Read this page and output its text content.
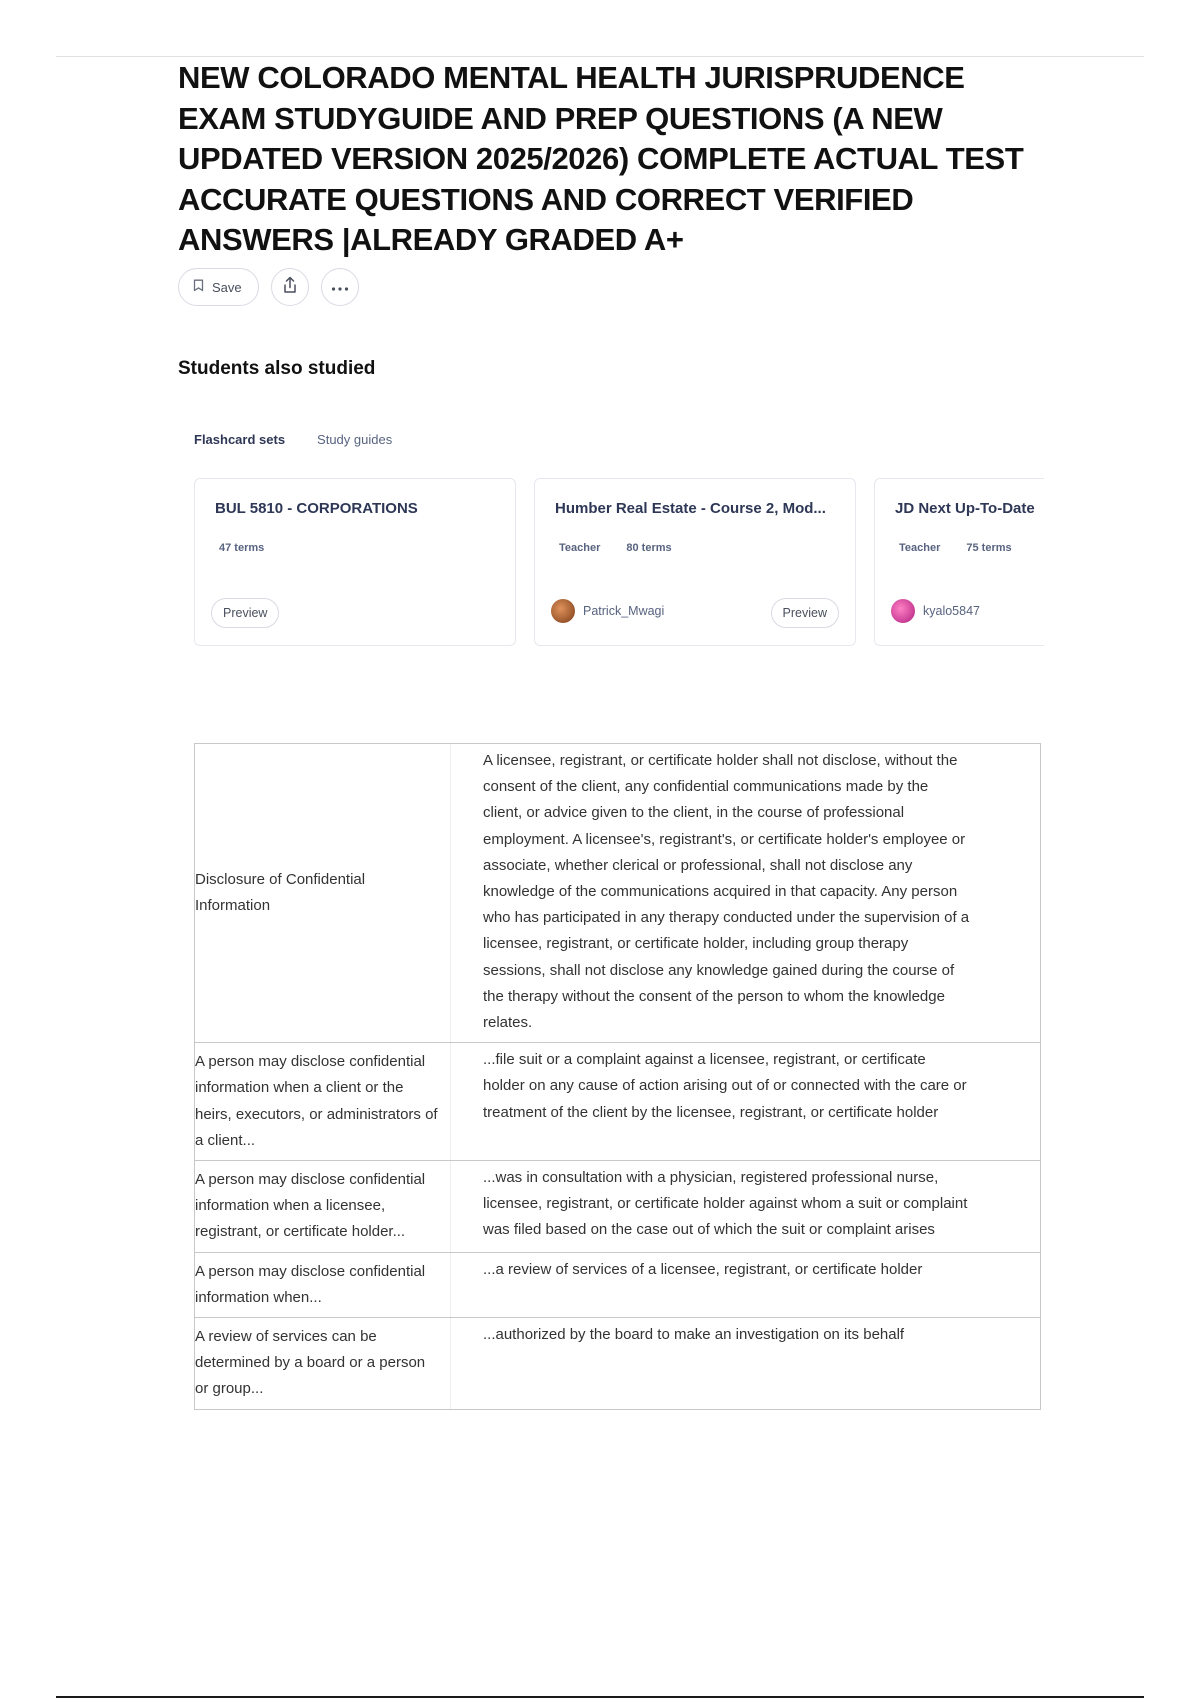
NEW COLORADO MENTAL HEALTH JURISPRUDENCE EXAM STUDYGUIDE AND PREP QUESTIONS (A NEW UPDATED VERSION 2025/2026) COMPLETE ACTUAL TEST ACCURATE QUESTIONS AND CORRECT VERIFIED ANSWERS |ALREADY GRADED A+
Save
Students also studied
Flashcard sets Study guides
BUL 5810 - CORPORATIONS
47 terms
Preview
Humber Real Estate - Course 2, Mod...
Teacher 80 terms
Patrick_Mwagi	Preview
JD Next Up-To-Date
Teacher 75 terms
kyalo5847
Disclosure of Confidential Information
A licensee, registrant, or certificate holder shall not disclose, without the consent of the client, any confidential communications made by the client, or advice given to the client, in the course of professional employment. A licensee's, registrant's, or certificate holder's employee or associate, whether clerical or professional, shall not disclose any knowledge of the communications acquired in that capacity. Any person who has participated in any therapy conducted under the supervision of a licensee, registrant, or certificate holder, including group therapy sessions, shall not disclose any knowledge gained during the course of the therapy without the consent of the person to whom the knowledge relates.
A person may disclose confidential information when a client or the heirs, executors, or administrators of a client...
...file suit or a complaint against a licensee, registrant, or certificate holder on any cause of action arising out of or connected with the care or treatment of the client by the licensee, registrant, or certificate holder
A person may disclose confidential information when a licensee, registrant, or certificate holder...
...was in consultation with a physician, registered professional nurse, licensee, registrant, or certificate holder against whom a suit or complaint was filed based on the case out of which the suit or complaint arises
A person may disclose confidential information when...
...a review of services of a licensee, registrant, or certificate holder
A review of services can be determined by a board or a person or group...
...authorized by the board to make an investigation on its behalf
